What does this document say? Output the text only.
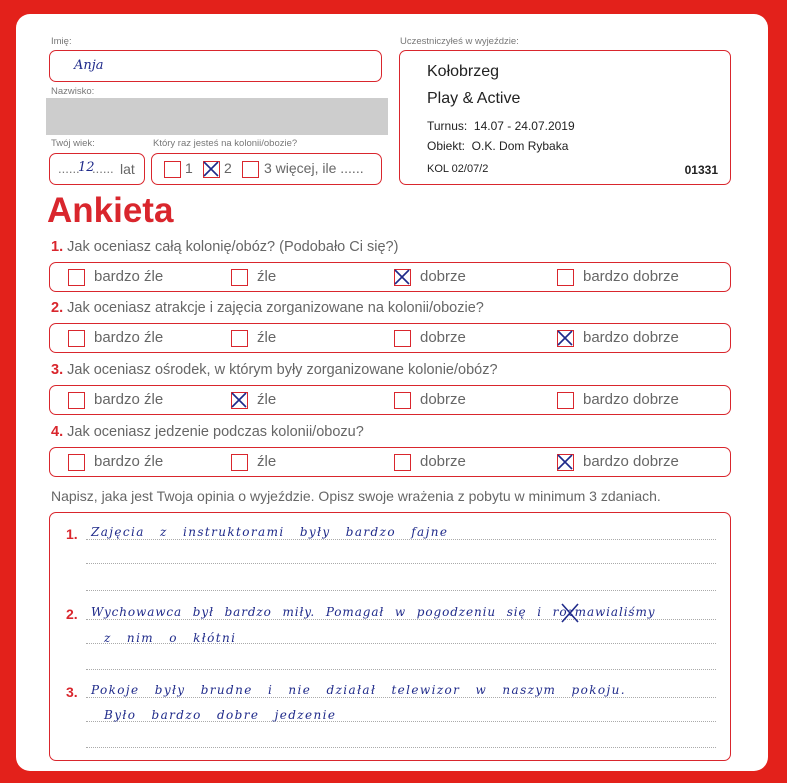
Imię:
Anja
Nazwisko:
Twój wiek:
......
12
...... lat
Który raz jesteś na kolonii/obozie?
1 2 3 więcej, ile ......
Uczestniczyłeś w wyjeździe:
Kołobrzeg
Play & Active
Turnus:  14.07 - 24.07.2019
Obiekt:  O.K. Dom Rybaka
KOL 02/07/2	01331
Ankieta
1. Jak oceniasz całą kolonię/obóz? (Podobało Ci się?)
bardzo źle	źle	dobrze	bardzo dobrze
2. Jak oceniasz atrakcje i zajęcia zorganizowane na kolonii/obozie?
bardzo źle	źle	dobrze	bardzo dobrze
3. Jak oceniasz ośrodek, w którym były zorganizowane kolonie/obóz?
bardzo źle	źle	dobrze	bardzo dobrze
4. Jak oceniasz jedzenie podczas kolonii/obozu?
bardzo źle	źle	dobrze	bardzo dobrze
Napisz, jaka jest Twoja opinia o wyjeździe. Opisz swoje wrażenia z pobytu w minimum 3 zdaniach.
1. Zajęcia z instruktorami były bardzo fajne
2. Wychowawca był bardzo miły. Pomagał w pogodzeniu się i rozmawialiśmy
z nim o kłótni
3. Pokoje były brudne i nie działał telewizor w naszym pokoju.
Było bardzo dobre jedzenie
